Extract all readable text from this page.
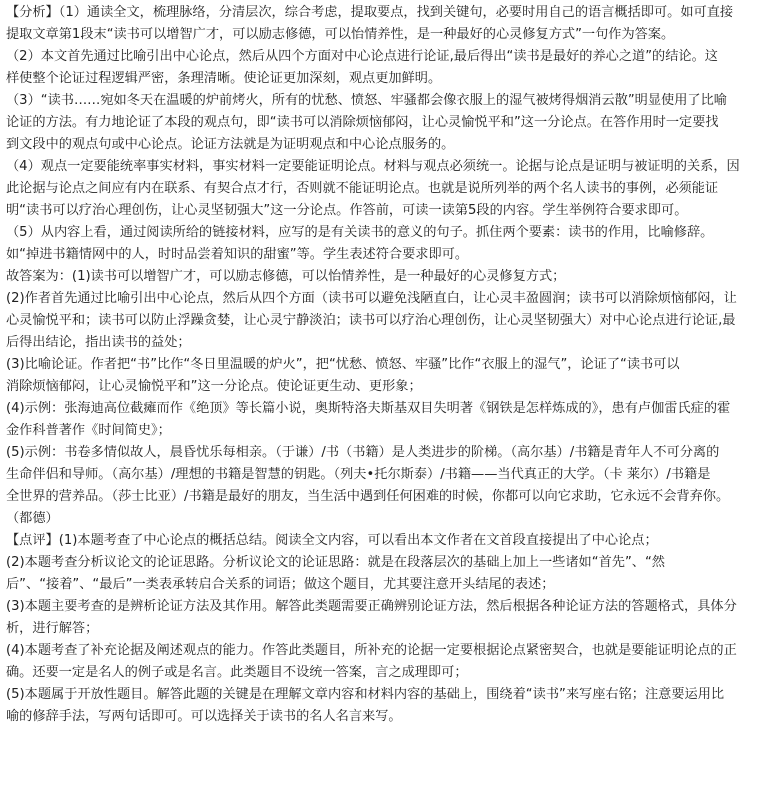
【分析】（1）通读全文，梳理脉络，分清层次，综合考虑，提取要点，找到关键句，必要时用自己的语言概括即可。如可直接
提取文章第1段末“读书可以增智广才，可以励志修德，可以怡情养性，是一种最好的心灵修复方式”一句作为答案。
（2）本文首先通过比喻引出中心论点，然后从四个方面对中心论点进行论证,最后得出“读书是最好的养心之道”的结论。这
样使整个论证过程逻辑严密，条理清晰。使论证更加深刻，观点更加鲜明。
（3）“读书……宛如冬天在温暖的炉前烤火，所有的忧愁、愤怒、牢骚都会像衣服上的湿气被烤得烟消云散”明显使用了比喻
论证的方法。有力地论证了本段的观点句，即“读书可以消除烦恼郁闷，让心灵愉悦平和”这一分论点。在答作用时一定要找
到文段中的观点句或中心论点。论证方法就是为证明观点和中心论点服务的。
（4）观点一定要能统率事实材料，事实材料一定要能证明论点。材料与观点必须统一。论据与论点是证明与被证明的关系，因
此论据与论点之间应有内在联系、有契合点才行，否则就不能证明论点。也就是说所列举的两个名人读书的事例，必须能证
明“读书可以疗治心理创伤，让心灵坚韧强大”这一分论点。作答前，可读一读第5段的内容。学生举例符合要求即可。
（5）从内容上看，通过阅读所给的链接材料，应写的是有关读书的意义的句子。抓住两个要素：读书的作用，比喻修辞。
如“掉进书籍情网中的人，时时品尝着知识的甜蜜”等。学生表述符合要求即可。
故答案为：(1)读书可以增智广才，可以励志修德，可以怡情养性，是一种最好的心灵修复方式；
(2)作者首先通过比喻引出中心论点，然后从四个方面（读书可以避免浅陋直白，让心灵丰盈圆润；读书可以消除烦恼郁闷，让
心灵愉悦平和；读书可以防止浮躁贪婪，让心灵宁静淡泊；读书可以疗治心理创伤，让心灵坚韧强大）对中心论点进行论证,最
后得出结论，指出读书的益处；
(3)比喻论证。作者把“书”比作“冬日里温暖的炉火”，把“忧愁、愤怒、牢骚”比作“衣服上的湿气”，论证了“读书可以
消除烦恼郁闷，让心灵愉悦平和”这一分论点。使论证更生动、更形象；
(4)示例：张海迪高位截瘫而作《绝顶》等长篇小说，奥斯特洛夫斯基双目失明著《钢铁是怎样炼成的》，患有卢伽雷氏症的霍
金作科普著作《时间简史》；
(5)示例：书卷多情似故人，晨昏忧乐每相亲。（于谦）/书（书籍）是人类进步的阶梯。（高尔基）/书籍是青年人不可分离的
生命伴侣和导师。（高尔基）/理想的书籍是智慧的钥匙。（列夫•托尔斯泰）/书籍——当代真正的大学。（卡 莱尔）/书籍是
全世界的营养品。（莎士比亚）/书籍是最好的朋友，当生活中遇到任何困难的时候，你都可以向它求助，它永远不会背弃你。
（都德）
【点评】(1)本题考查了中心论点的概括总结。阅读全文内容，可以看出本文作者在文首段直接提出了中心论点；
(2)本题考查分析议论文的论证思路。分析议论文的论证思路：就是在段落层次的基础上加上一些诸如“首先”、“然
后”、“接着”、“最后”一类表承转启合关系的词语；做这个题目，尤其要注意开头结尾的表述；
(3)本题主要考查的是辨析论证方法及其作用。解答此类题需要正确辨别论证方法，然后根据各种论证方法的答题格式，具体分
析，进行解答；
(4)本题考查了补充论据及阐述观点的能力。作答此类题目，所补充的论据一定要根据论点紧密契合，也就是要能证明论点的正
确。还要一定是名人的例子或是名言。此类题目不设统一答案，言之成理即可；
(5)本题属于开放性题目。解答此题的关键是在理解文章内容和材料内容的基础上，围绕着“读书”来写座右铭；注意要运用比
喻的修辞手法，写两句话即可。可以选择关于读书的名人名言来写。
